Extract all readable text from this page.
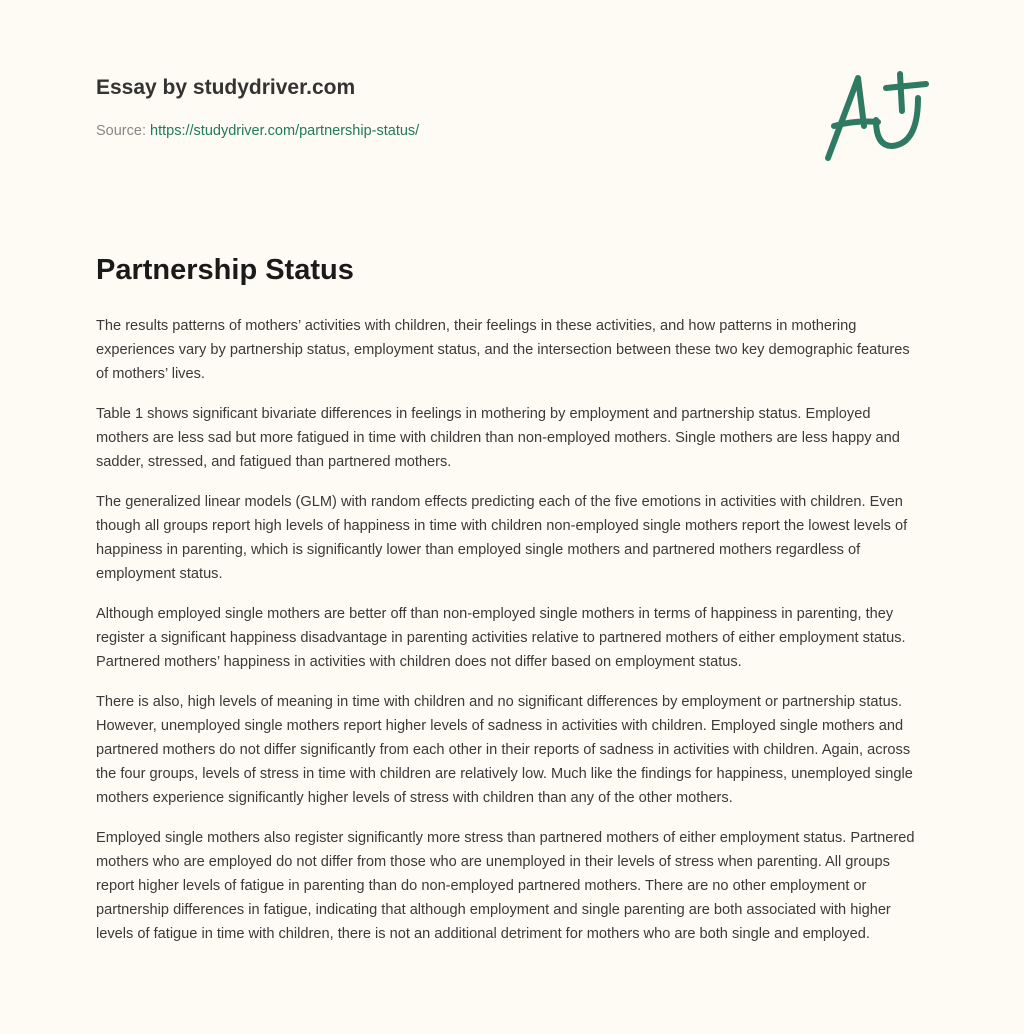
Essay by studydriver.com
Source: https://studydriver.com/partnership-status/
Partnership Status

The results patterns of mothers’ activities with children, their feelings in these activities, and how patterns in mothering experiences vary by partnership status, employment status, and the intersection between these two key demographic features of mothers’ lives.

Table 1 shows significant bivariate differences in feelings in mothering by employment and partnership status. Employed mothers are less sad but more fatigued in time with children than non-employed mothers. Single mothers are less happy and sadder, stressed, and fatigued than partnered mothers.

The generalized linear models (GLM) with random effects predicting each of the five emotions in activities with children. Even though all groups report high levels of happiness in time with children non-employed single mothers report the lowest levels of happiness in parenting, which is significantly lower than employed single mothers and partnered mothers regardless of employment status.

Although employed single mothers are better off than non-employed single mothers in terms of happiness in parenting, they register a significant happiness disadvantage in parenting activities relative to partnered mothers of either employment status. Partnered mothers’ happiness in activities with children does not differ based on employment status.

There is also, high levels of meaning in time with children and no significant differences by employment or partnership status. However, unemployed single mothers report higher levels of sadness in activities with children. Employed single mothers and partnered mothers do not differ significantly from each other in their reports of sadness in activities with children. Again, across the four groups, levels of stress in time with children are relatively low. Much like the findings for happiness, unemployed single mothers experience significantly higher levels of stress with children than any of the other mothers.

Employed single mothers also register significantly more stress than partnered mothers of either employment status. Partnered mothers who are employed do not differ from those who are unemployed in their levels of stress when parenting. All groups report higher levels of fatigue in parenting than do non-employed partnered mothers. There are no other employment or partnership differences in fatigue, indicating that although employment and single parenting are both associated with higher levels of fatigue in time with children, there is not an additional detriment for mothers who are both single and employed.
